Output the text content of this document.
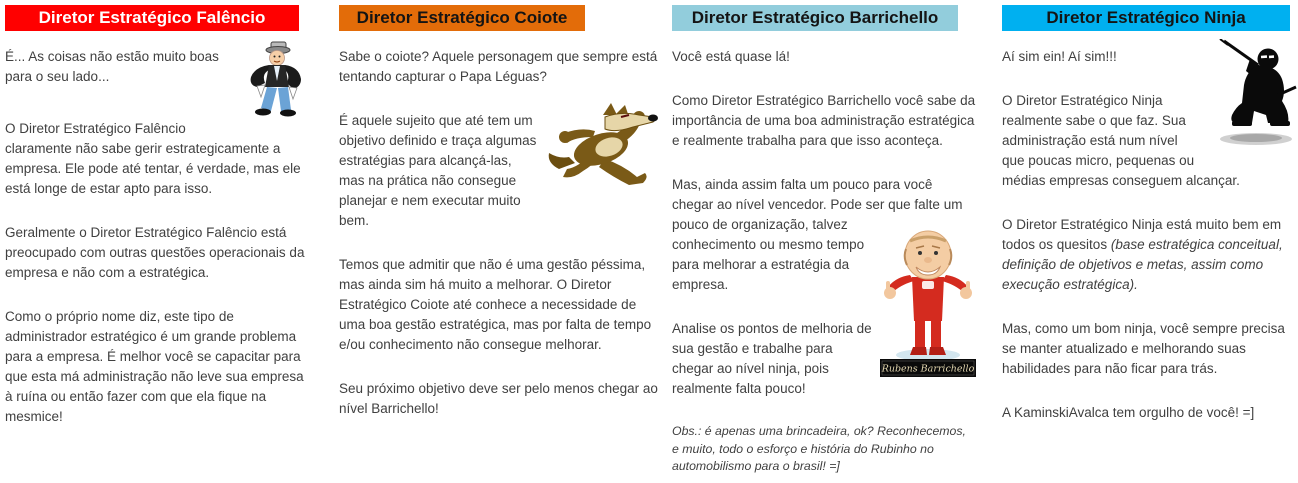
Diretor Estratégico Falêncio

É... As coisas não estão muito boas para o seu lado...

O Diretor Estratégico Falêncio claramente não sabe gerir estrategicamente a empresa. Ele pode até tentar, é verdade, mas ele está longe de estar apto para isso.

Geralmente o Diretor Estratégico Falêncio está preocupado com outras questões operacionais da empresa e não com a estratégica.

Como o próprio nome diz, este tipo de administrador estratégico é um grande problema para a empresa. É melhor você se capacitar para que esta má administração não leve sua empresa à ruína ou então fazer com que ela fique na mesmice!

Diretor Estratégico Coiote

Sabe o coiote? Aquele personagem que sempre está tentando capturar o Papa Léguas?

É aquele sujeito que até tem um objetivo definido e traça algumas estratégias para alcançá-las, mas na prática não consegue planejar e nem executar muito bem.

Temos que admitir que não é uma gestão péssima, mas ainda sim há muito a melhorar. O Diretor Estratégico Coiote até conhece a necessidade de uma boa gestão estratégica, mas por falta de tempo e/ou conhecimento não consegue melhorar.

Seu próximo objetivo deve ser pelo menos chegar ao nível Barrichello!

Diretor Estratégico Barrichello

Você está quase lá!

Como Diretor Estratégico Barrichello você sabe da importância de uma boa administração estratégica e realmente trabalha para que isso aconteça.

Mas, ainda assim falta um pouco para você chegar ao nível vencedor. Pode ser que falte
Rubens Barrichello
um pouco de organização, talvez conhecimento ou mesmo tempo para melhorar a estratégia da empresa.

Analise os pontos de melhoria de sua gestão e trabalhe para chegar ao nível ninja, pois realmente falta pouco!

Obs.: é apenas uma brincadeira, ok? Reconhecemos, e muito, todo o esforço e história do Rubinho no automobilismo para o brasil! =]

Diretor Estratégico Ninja

Aí sim ein! Aí sim!!!

O Diretor Estratégico Ninja realmente sabe o que faz. Sua administração está num nível que poucas micro, pequenas ou médias empresas conseguem alcançar.

O Diretor Estratégico Ninja está muito bem em todos os quesitos (base estratégica conceitual, definição de objetivos e metas, assim como execução estratégica).

Mas, como um bom ninja, você sempre precisa se manter atualizado e melhorando suas habilidades para não ficar para trás.

A KaminskiAvalca tem orgulho de você! =]
